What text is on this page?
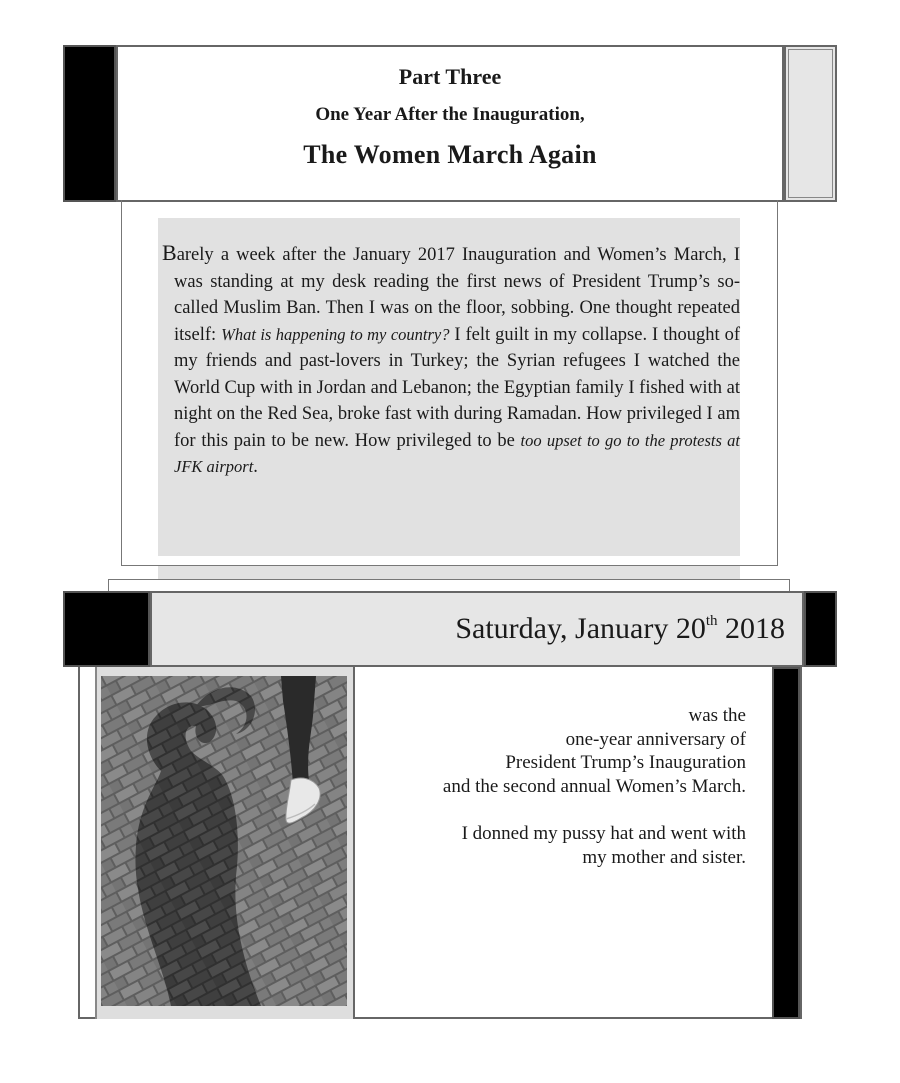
Part Three
One Year After the Inauguration,
The Women March Again
Barely a week after the January 2017 Inauguration and Women’s March, I was standing at my desk reading the first news of President Trump’s so-called Muslim Ban. Then I was on the floor, sobbing. One thought repeated itself: What is happening to my country? I felt guilt in my collapse. I thought of my friends and past-lovers in Turkey; the Syrian refugees I watched the World Cup with in Jordan and Lebanon; the Egyptian family I fished with at night on the Red Sea, broke fast with during Ramadan. How privileged I am for this pain to be new. How privileged to be too upset to go to the protests at JFK airport.
Saturday, January 20th 2018
was the
one-year anniversary of
President Trump’s Inauguration
and the second annual Women’s March.
I donned my pussy hat and went with
my mother and sister.
